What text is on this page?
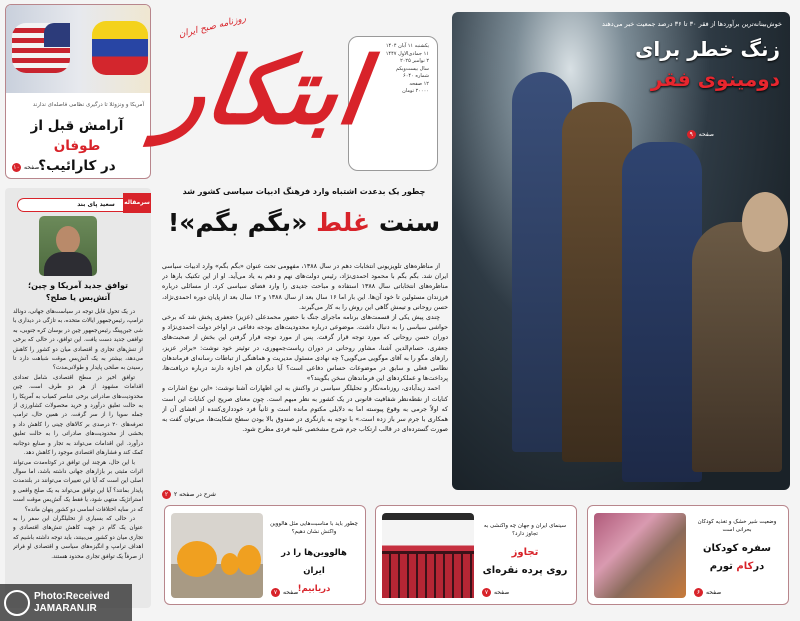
آمریکا و ونزوئلا تا درگیری نظامی فاصله‌ای ندارند
آرامش قبل از طوفان
در کارائیب؟
۱۰ صفحه
سعید پای بند	سرمقاله
توافق جدید آمریکا و چین؛ آتش‌بس یا صلح؟

در یک تحول قابل توجه در سیاست‌های جهانی، دونالد ترامپ، رئیس‌جمهور ایالات متحده، به تازگی در دیداری با شی جین‌پینگ رئیس‌جمهور چین در بوسان کره جنوبی، به توافقی جدید دست یافت. این توافق، در حالی که برخی از تنش‌های تجاری و اقتصادی میان دو کشور را کاهش می‌دهد، بیشتر به یک آتش‌بس موقت شباهت دارد تا رسیدن به صلحی پایدار و طولانی‌مدت؟

توافق اخیر در سطح اقتصادی، شامل تعدادی اقدامات مشهود از هر دو طرف است. چین محدودیت‌های صادراتی برخی عناصر کمیاب به آمریکا را به حالت تعلیق درآورد و خرید محصولات کشاورزی از جمله سویا را از سر گرفت. در همین حال، ترامپ تعرفه‌های ۲۰ درصدی بر کالاهای چینی را کاهش داد و بخشی از محدودیت‌های صادراتی را به حالت تعلیق درآورد. این اقدامات می‌تواند به تجار و صنایع دوجانبه کمک کند و فشارهای اقتصادی موجود را کاهش دهد.

با این حال، هرچند این توافق در کوتاه‌مدت می‌تواند اثرات مثبتی بر بازارهای جهانی داشته باشد، اما سوال اصلی این است که آیا این تغییرات می‌توانند در بلندمدت پایدار بمانند؟ آیا این توافق می‌تواند به یک صلح واقعی و استراتژیک منتهی شود، یا فقط یک آتش‌بس موقت است که در سایه اختلافات اساسی دو کشور پنهان مانده؟

در حالی که بسیاری از تحلیلگران این سفر را به عنوان یک گام در جهت کاهش تنش‌های اقتصادی و تجاری میان دو کشور می‌بینند، باید توجه داشته باشیم که اهداف ترامپ و انگیزه‌های سیاسی و اقتصادی او فراتر از صرفاً یک توافق تجاری محدود هستند.

یکشنبه ۱۱ آبان ۱۴۰۴
۱۱ جمادی‌الاول ۱۴۴۷
۲ نوامبر ۲۰۲۵
سال بیست‌ویکم
شماره ۶۰۴۰
۱۲ صفحه
۲۰۰۰۰ تومان
ابتکار
روزنامه صبح ایران
چطور یک بدعدت اشتباه وارد فرهنگ ادبیات سیاسی کشور شد
سنت غلط «بگم بگم»!

از مناظره‌های تلویزیونی انتخابات دهم در سال ۱۳۸۸، مفهومی تحت عنوان «بگم بگم» وارد ادبیات سیاسی ایران شد. بگم بگم با محمود احمدی‌نژاد، رئیس دولت‌های نهم و دهم به یاد می‌آید. او از این تکنیک بارها در مناظره‌های انتخاباتی سال ۱۳۸۸ استفاده و مباحث جدیدی را وارد فضای سیاسی کرد. از مسائلی درباره فرزندان مسئولین تا خود آن‌ها. این بار اما ۱۶ سال بعد از سال ۱۳۸۸ و ۱۲ سال بعد از پایان دوره احمدی‌نژاد، حسن روحانی و تیمش گاهی این روش را به کار می‌گیرند.

چندی پیش یکی از قسمت‌های برنامه ماجرای جنگ با حضور محمدعلی (عزیز) جعفری پخش شد که برخی حواشی سیاسی را به دنبال داشت. موضوعی درباره محدودیت‌های بودجه دفاعی در اواخر دولت احمدی‌نژاد و دوران حسن روحانی که مورد توجه قرار گرفت. پس از مورد توجه قرار گرفتن این بخش از صحبت‌های جعفری، حسام‌الدین آشنا، مشاور روحانی در دوران ریاست‌جمهوری، در توئیتر خود نوشت: «برادر عزیز، رازهای مگو را به آقای موگویی می‌گویی؟ چه نهادی مسئول مدیریت و هماهنگی از تباطات رسانه‌ای فرماندهان نظامی فعلی و سابق در موضوعات حساس دفاعی است؟ آیا دیگران هم اجازه دارند درباره دریافت‌ها، پرداخت‌ها و عملکردهای این فرماندهان سخن بگویند؟»

احمد زیدآبادی، روزنامه‌نگار و تحلیلگر سیاسی در واکنش به این اظهارات آشنا نوشت: «این نوع اشارات و کنایات از نقطه‌نظر شفافیت قانونی در یک کشور به نظر مبهم است. چون معنای صریح این کنایات این است که اولاً جرمی به وقوع پیوسته اما به دلایلی مکتوم مانده است و ثانیاً فرد خودداری‌کننده از افشای آن از همکاری با جرم سر باز زده است.» با توجه به بازنگری در صندوق بالا بودن سطح شکایت‌ها، می‌توان گفت به صورت گسترده‌ای در قالب ارتکاب جرم شرح مشخصی علیه فردی مطرح شود.

۲ شرح در صفحه ۲
خوش‌بینانه‌ترین برآوردها از فقر ۳۰ تا ۳۶ درصد جمعیت خبر می‌دهند
زنگ خطر برای
دومینوی فقر
۹ صفحه
وضعیت شیر خشک و تغذیه کودکان بحرانی است
سفره کودکان
درکام تورم
۶ صفحه
سینمای ایران و جهان چه واکنشی به تجاوز دارد؟
تجاوز
روی پرده نقره‌ای
۷ صفحه
چطور باید با مناسبت‌هایی مثل هالووین واکنش نشان دهیم؟
هالووین‌ها را در ایران
دریابیم!
۷ صفحه
Photo:Received
JAMARAN.IR
